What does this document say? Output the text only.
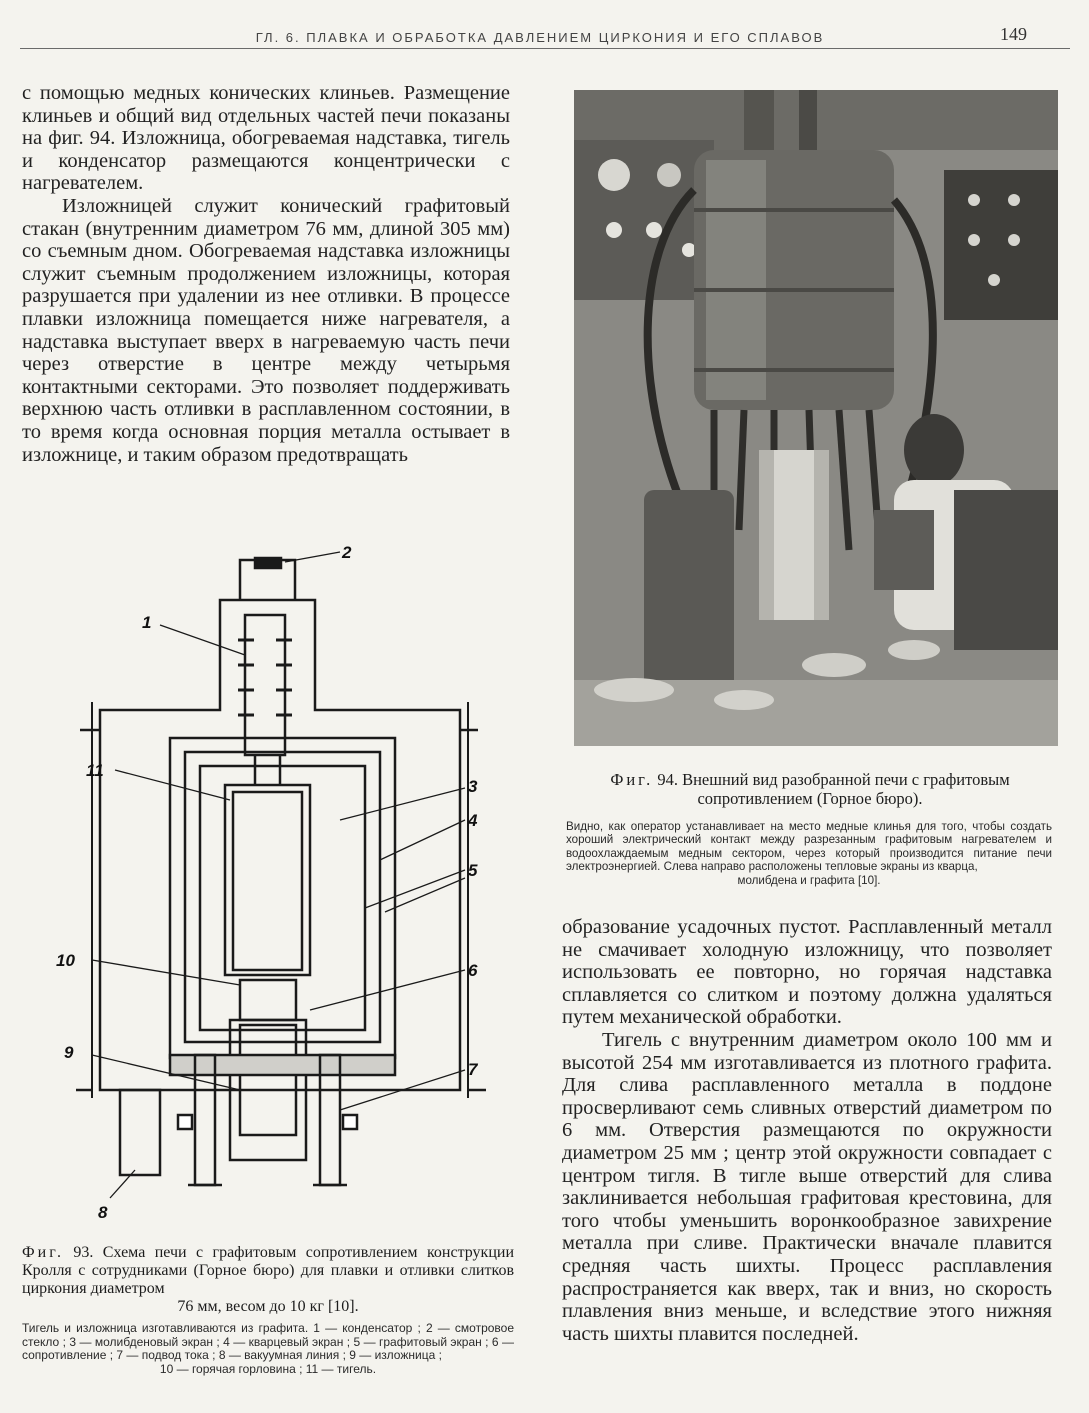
ГЛ. 6. ПЛАВКА И ОБРАБОТКА ДАВЛЕНИЕМ ЦИРКОНИЯ И ЕГО СПЛАВОВ	149

с помощью медных конических клиньев. Размещение клиньев и общий вид отдельных частей печи показаны на фиг. 94. Изложница, обогреваемая надставка, тигель и конденсатор размещаются концентрически с нагревателем.

Изложницей служит конический графитовый стакан (внутренним диаметром 76 мм, длиной 305 мм) со съемным дном. Обогреваемая надставка изложницы служит съемным продолжением изложницы, которая разрушается при удалении из нее отливки. В процессе плавки изложница помещается ниже нагревателя, а надставка выступает вверх в нагреваемую часть печи через отверстие в центре между четырьмя контактными секторами. Это позволяет поддерживать верхнюю часть отливки в расплавленном состоянии, в то время когда основная порция металла остывает в изложнице, и таким образом предотвращать

Фиг. 94. Внешний вид разобранной печи с графитовым сопротивлением (Горное бюро).
Видно, как оператор устанавливает на место медные клинья для того, чтобы создать хороший электрический контакт между разрезанным графитовым нагревателем и водоохлаждаемым медным сектором, через который производится питание печи электроэнергией. Слева направо расположены тепловые экраны из кварца,
молибдена и графита [10].
1
2
3
4
5
6
7
8
9
10
11
Фиг. 93. Схема печи с графитовым сопротивлением конструкции Кролля с сотрудниками (Горное бюро) для плавки и отливки слитков циркония диаметром
76 мм, весом до 10 кг [10].
Тигель и изложница изготавливаются из графита. 1 — конденсатор ; 2 — смотровое стекло ; 3 — молибденовый экран ; 4 — кварцевый экран ; 5 — графитовый экран ; 6 — сопротивление ; 7 — подвод тока ; 8 — вакуумная линия ; 9 — изложница ;
10 — горячая горловина ; 11 — тигель.

образование усадочных пустот. Расплавленный металл не смачивает холодную изложницу, что позволяет использовать ее повторно, но горячая надставка сплавляется со слитком и поэтому должна удаляться путем механической обработки.

Тигель с внутренним диаметром около 100 мм и высотой 254 мм изготавливается из плотного графита. Для слива расплавленного металла в поддоне просверливают семь сливных отверстий диаметром по 6 мм. Отверстия размещаются по окружности диаметром 25 мм ; центр этой окружности совпадает с центром тигля. В тигле выше отверстий для слива заклинивается небольшая графитовая крестовина, для того чтобы уменьшить воронкообразное завихрение металла при сливе. Практически вначале плавится средняя часть шихты. Процесс расплавления распространяется как вверх, так и вниз, но скорость плавления вниз меньше, и вследствие этого нижняя часть шихты плавится последней.
